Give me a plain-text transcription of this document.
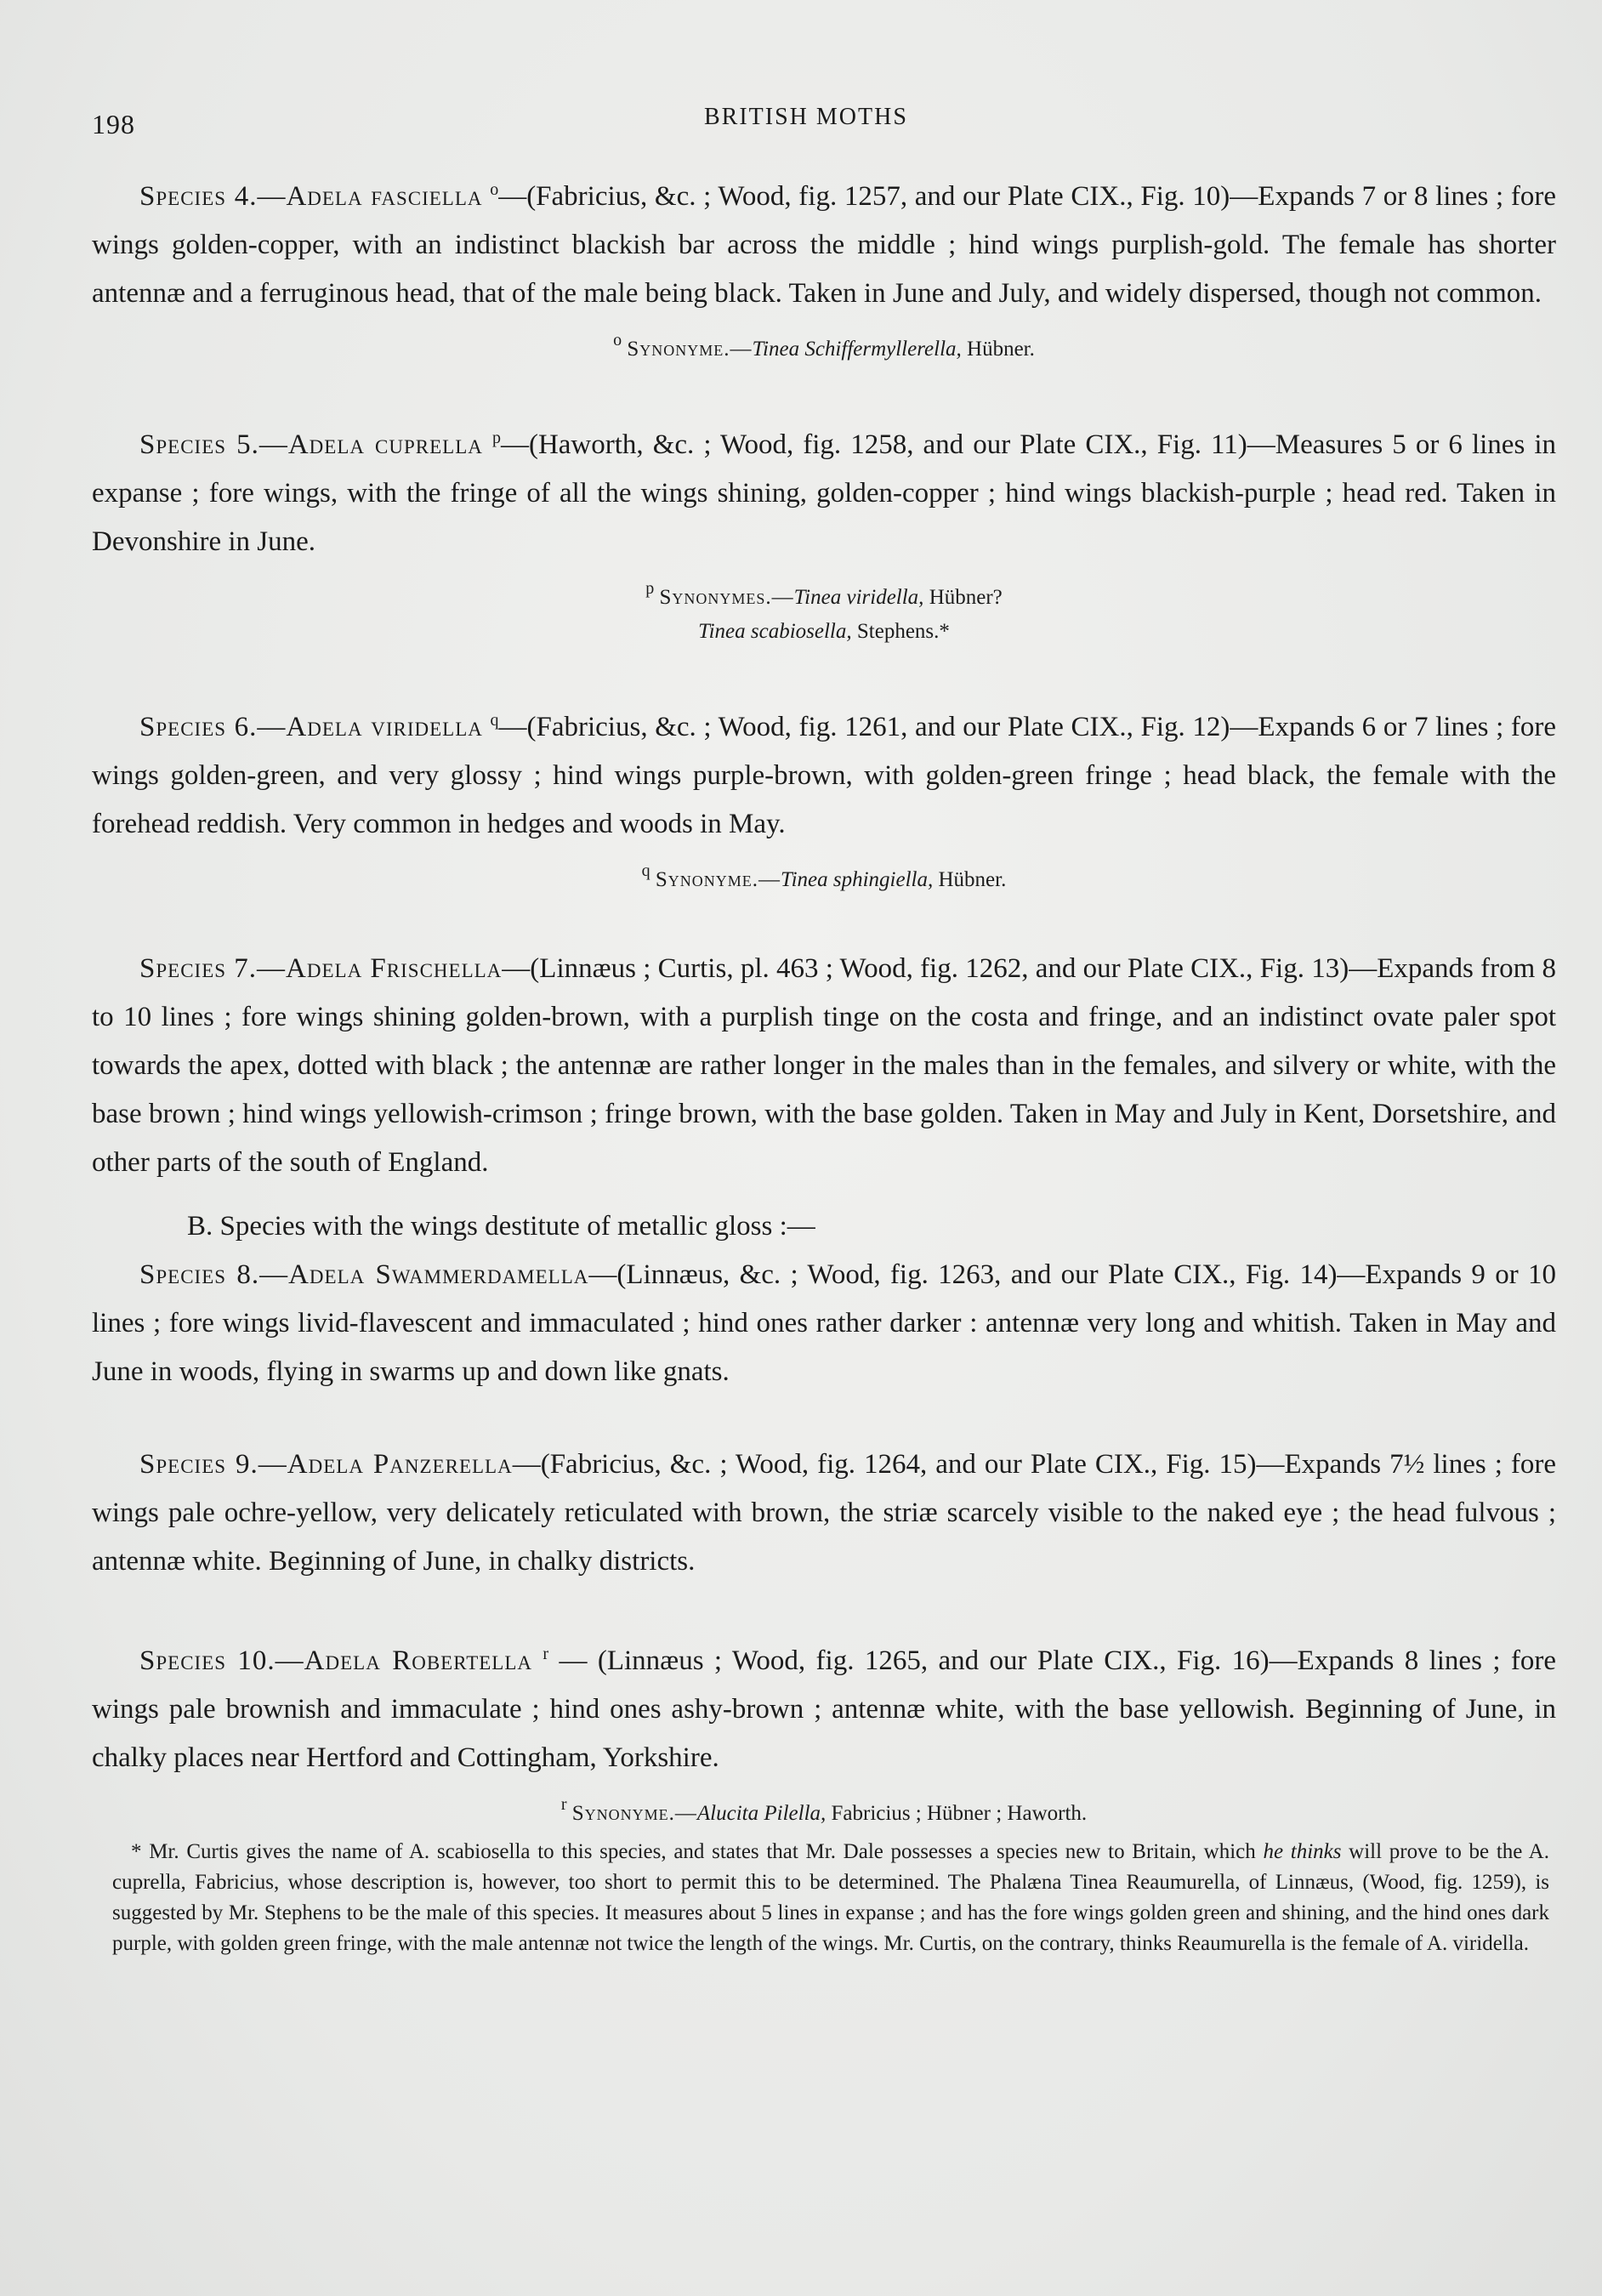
198	BRITISH MOTHS

Species 4.—Adela fasciella $^o$—(Fabricius, &c. ; Wood, fig. 1257, and our Plate CIX., Fig. 10)—Expands 7 or 8 lines ; fore wings golden-copper, with an indistinct blackish bar across the middle ; hind wings purplish-gold. The female has shorter antennæ and a ferruginous head, that of the male being black. Taken in June and July, and widely dispersed, though not common.

$^o$ Synonyme.—Tinea Schiffermyllerella, Hübner.

Species 5.—Adela cuprella $^p$—(Haworth, &c. ; Wood, fig. 1258, and our Plate CIX., Fig. 11)—Measures 5 or 6 lines in expanse ; fore wings, with the fringe of all the wings shining, golden-copper ; hind wings blackish-purple ; head red. Taken in Devonshire in June.

$^p$ Synonymes.—Tinea viridella, Hübner?
Tinea scabiosella, Stephens.*

Species 6.—Adela viridella $^q$—(Fabricius, &c. ; Wood, fig. 1261, and our Plate CIX., Fig. 12)—Expands 6 or 7 lines ; fore wings golden-green, and very glossy ; hind wings purple-brown, with golden-green fringe ; head black, the female with the forehead reddish. Very common in hedges and woods in May.

$^q$ Synonyme.—Tinea sphingiella, Hübner.

Species 7.—Adela Frischella—(Linnæus ; Curtis, pl. 463 ; Wood, fig. 1262, and our Plate CIX., Fig. 13)—Expands from 8 to 10 lines ; fore wings shining golden-brown, with a purplish tinge on the costa and fringe, and an indistinct ovate paler spot towards the apex, dotted with black ; the antennæ are rather longer in the males than in the females, and silvery or white, with the base brown ; hind wings yellowish-crimson ; fringe brown, with the base golden. Taken in May and July in Kent, Dorsetshire, and other parts of the south of England.

B. Species with the wings destitute of metallic gloss :—

Species 8.—Adela Swammerdamella—(Linnæus, &c. ; Wood, fig. 1263, and our Plate CIX., Fig. 14)—Expands 9 or 10 lines ; fore wings livid-flavescent and immaculated ; hind ones rather darker : antennæ very long and whitish. Taken in May and June in woods, flying in swarms up and down like gnats.

Species 9.—Adela Panzerella—(Fabricius, &c. ; Wood, fig. 1264, and our Plate CIX., Fig. 15)—Expands 7½ lines ; fore wings pale ochre-yellow, very delicately reticulated with brown, the striæ scarcely visible to the naked eye ; the head fulvous ; antennæ white. Beginning of June, in chalky districts.

Species 10.—Adela Robertella $^r$ — (Linnæus ; Wood, fig. 1265, and our Plate CIX., Fig. 16)—Expands 8 lines ; fore wings pale brownish and immaculate ; hind ones ashy-brown ; antennæ white, with the base yellowish. Beginning of June, in chalky places near Hertford and Cottingham, Yorkshire.

$^r$ Synonyme.—Alucita Pilella, Fabricius ; Hübner ; Haworth.

* Mr. Curtis gives the name of A. scabiosella to this species, and states that Mr. Dale possesses a species new to Britain, which he thinks will prove to be the A. cuprella, Fabricius, whose description is, however, too short to permit this to be determined. The Phalæna Tinea Reaumurella, of Linnæus, (Wood, fig. 1259), is suggested by Mr. Stephens to be the male of this species. It measures about 5 lines in expanse ; and has the fore wings golden green and shining, and the hind ones dark purple, with golden green fringe, with the male antennæ not twice the length of the wings. Mr. Curtis, on the contrary, thinks Reaumurella is the female of A. viridella.
